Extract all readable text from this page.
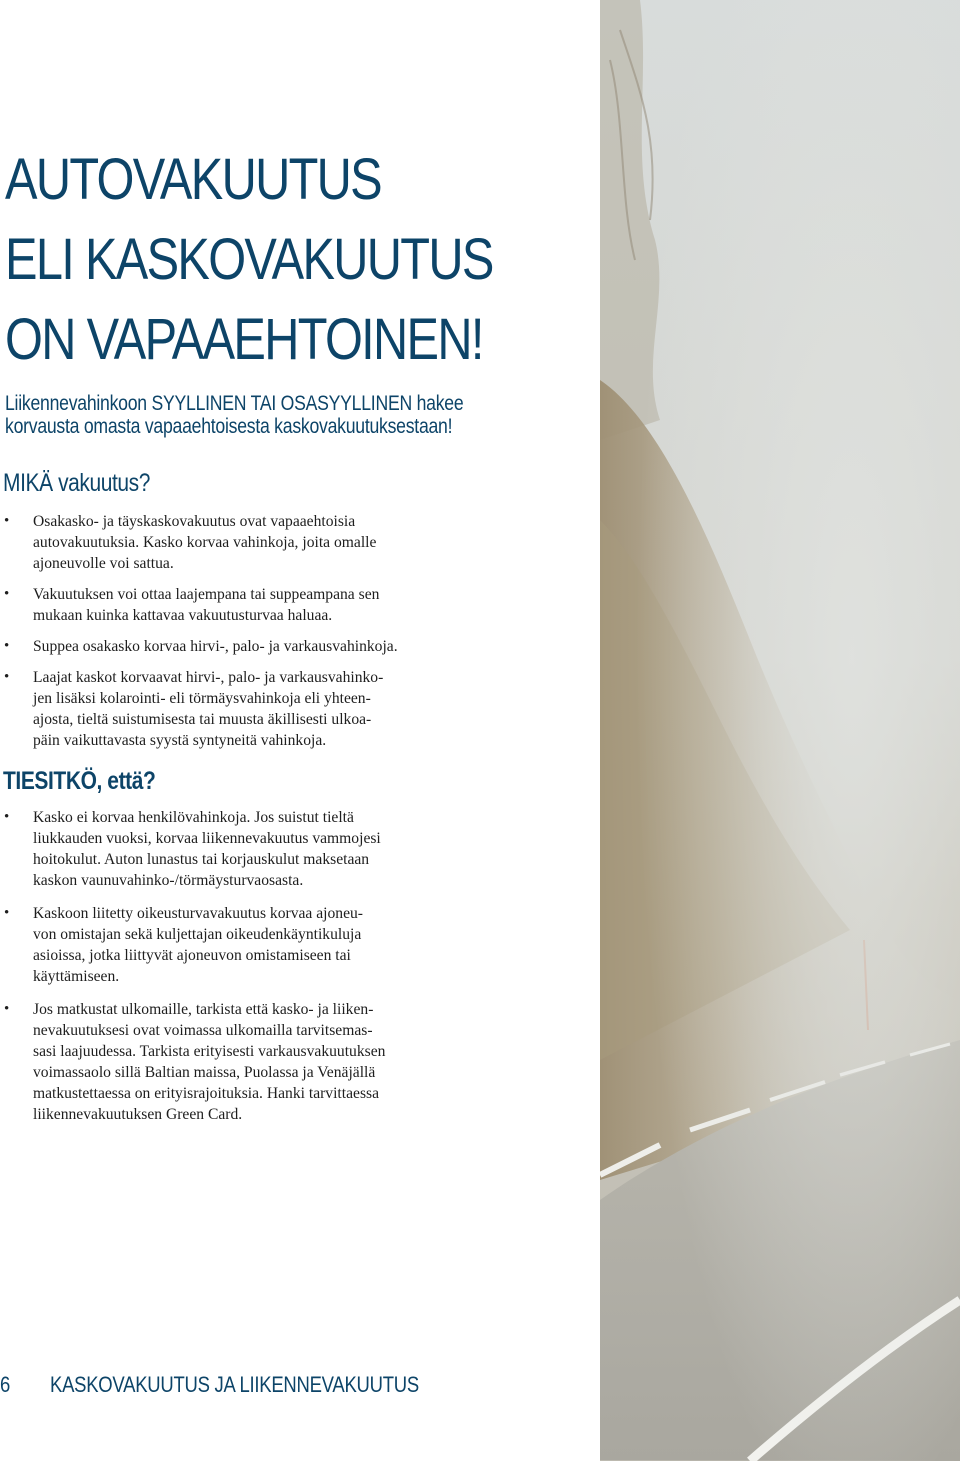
AUTOVAKUUTUS
ELI KASKOVAKUUTUS
ON VAPAAEHTOINEN!

Liikennevahinkoon SYYLLINEN TAI OSASYYLLINEN hakee
korvausta omasta vapaaehtoisesta kaskovakuutuksestaan!

MIKÄ vakuutus?
• Osakasko- ja täyskaskovakuutus ovat vapaaehtoisia
autovakuutuksia. Kasko korvaa vahinkoja, joita omalle
ajoneuvolle voi sattua.
• Vakuutuksen voi ottaa laajempana tai suppeampana sen
mukaan kuinka kattavaa vakuutusturvaa haluaa.
• Suppea osakasko korvaa hirvi-, palo- ja varkausvahinkoja.
• Laajat kaskot korvaavat hirvi-, palo- ja varkausvahinko-
jen lisäksi kolarointi- eli törmäysvahinkoja eli yhteen-
ajosta, tieltä suistumisesta tai muusta äkillisesti ulkoa-
päin vaikuttavasta syystä syntyneitä vahinkoja.
TIESITKÖ, että?
• Kasko ei korvaa henkilövahinkoja. Jos suistut tieltä
liukkauden vuoksi, korvaa liikennevakuutus vammojesi
hoitokulut. Auton lunastus tai korjauskulut maksetaan
kaskon vaunuvahinko-/törmäysturvaosasta.
• Kaskoon liitetty oikeusturvavakuutus korvaa ajoneu-
von omistajan sekä kuljettajan oikeudenkäyntikuluja
asioissa, jotka liittyvät ajoneuvon omistamiseen tai
käyttämiseen.
• Jos matkustat ulkomaille, tarkista että kasko- ja liiken-
nevakuutuksesi ovat voimassa ulkomailla tarvitsemas-
sasi laajuudessa. Tarkista erityisesti varkausvakuutuksen
voimassaolo sillä Baltian maissa, Puolassa ja Venäjällä
matkustettaessa on erityisrajoituksia. Hanki tarvittaessa
liikennevakuutuksen Green Card.
6 KASKOVAKUUTUS JA LIIKENNEVAKUUTUS
